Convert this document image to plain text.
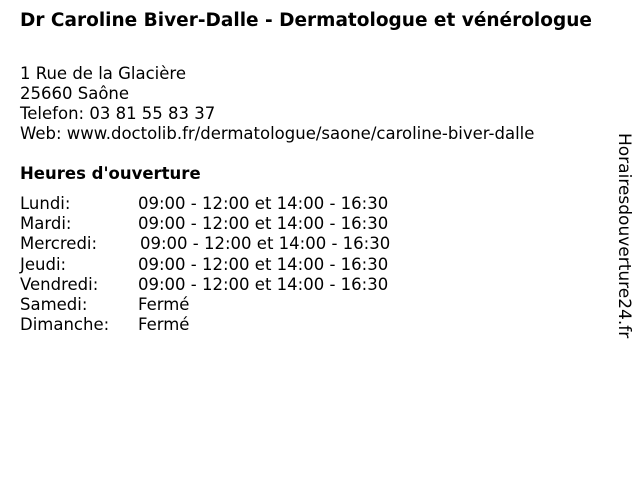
Dr Caroline Biver-Dalle - Dermatologue et vénérologue
1 Rue de la Glacière
25660 Saône
Telefon: 03 81 55 83 37
Web: www.doctolib.fr/dermatologue/saone/caroline-biver-dalle
Heures d'ouverture
Lundi:	09:00 - 12:00 et 14:00 - 16:30
Mardi:	09:00 - 12:00 et 14:00 - 16:30
Mercredi:	09:00 - 12:00 et 14:00 - 16:30
Jeudi:	09:00 - 12:00 et 14:00 - 16:30
Vendredi: 09:00 - 12:00 et 14:00 - 16:30
Samedi:	Fermé
Dimanche: Fermé	Horairesdouverture24.fr
